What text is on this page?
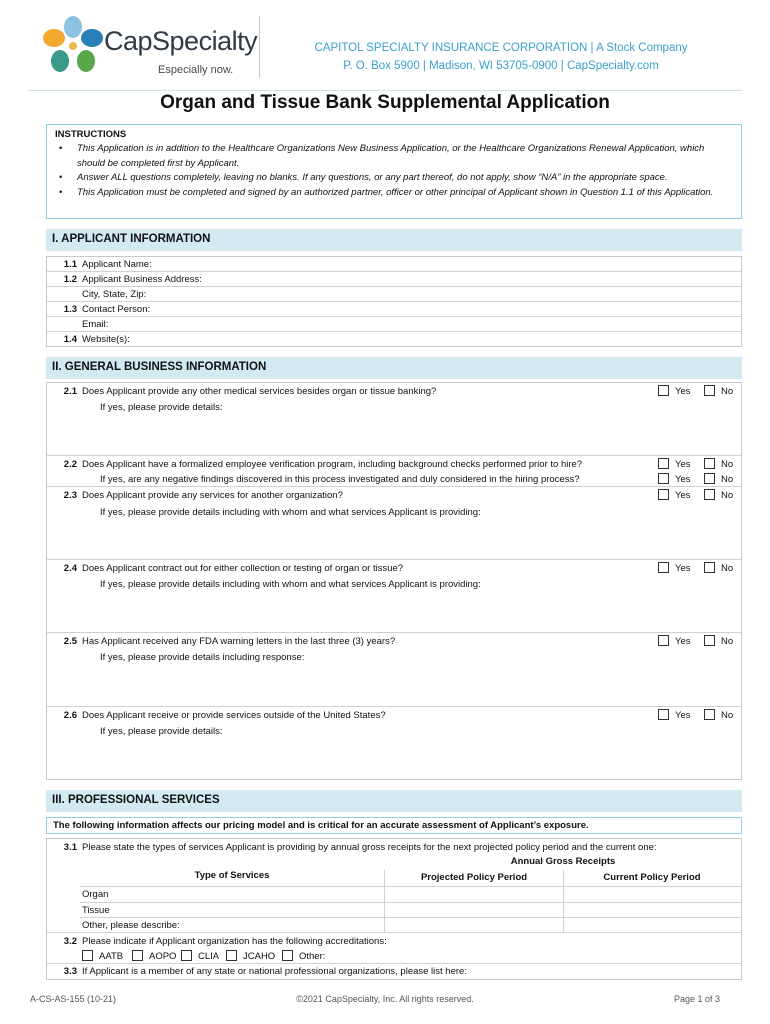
CapSpecialty
Especially now.
CAPITOL SPECIALTY INSURANCE CORPORATION | A Stock Company
P. O. Box 5900 | Madison, WI 53705-0900 | CapSpecialty.com
Organ and Tissue Bank Supplemental Application
INSTRUCTIONS
• This Application is in addition to the Healthcare Organizations New Business Application, or the Healthcare Organizations Renewal Application, which should be completed first by Applicant.
• Answer ALL questions completely, leaving no blanks. If any questions, or any part thereof, do not apply, show “N/A” in the appropriate space.
• This Application must be completed and signed by an authorized partner, officer or other principal of Applicant shown in Question 1.1 of this Application.
I. APPLICANT INFORMATION
1.1 Applicant Name:
1.2 Applicant Business Address:
City, State, Zip:
1.3 Contact Person:
Email:
1.4 Website(s):
II. GENERAL BUSINESS INFORMATION
2.1 Does Applicant provide any other medical services besides organ or tissue banking?	Yes	No
If yes, please provide details:
2.2 Does Applicant have a formalized employee verification program, including background checks performed prior to hire?	Yes	No
If yes, are any negative findings discovered in this process investigated and duly considered in the hiring process?	Yes	No
2.3 Does Applicant provide any services for another organization?	Yes	No
If yes, please provide details including with whom and what services Applicant is providing:
2.4 Does Applicant contract out for either collection or testing of organ or tissue?	Yes	No
If yes, please provide details including with whom and what services Applicant is providing:
2.5 Has Applicant received any FDA warning letters in the last three (3) years?	Yes	No
If yes, please provide details including response:
2.6 Does Applicant receive or provide services outside of the United States?	Yes	No
If yes, please provide details:
III. PROFESSIONAL SERVICES
The following information affects our pricing model and is critical for an accurate assessment of Applicant’s exposure.
3.1 Please state the types of services Applicant is providing by annual gross receipts for the next projected policy period and the current one:
Annual Gross Receipts
Type of Services	Projected Policy Period	Current Policy Period
Organ
Tissue
Other, please describe:
3.2 Please indicate if Applicant organization has the following accreditations:
AATB	AOPO	CLIA	JCAHO	Other:
3.3 If Applicant is a member of any state or national professional organizations, please list here:
A-CS-AS-155 (10-21)	©2021 CapSpecialty, Inc. All rights reserved.	Page 1 of 3
